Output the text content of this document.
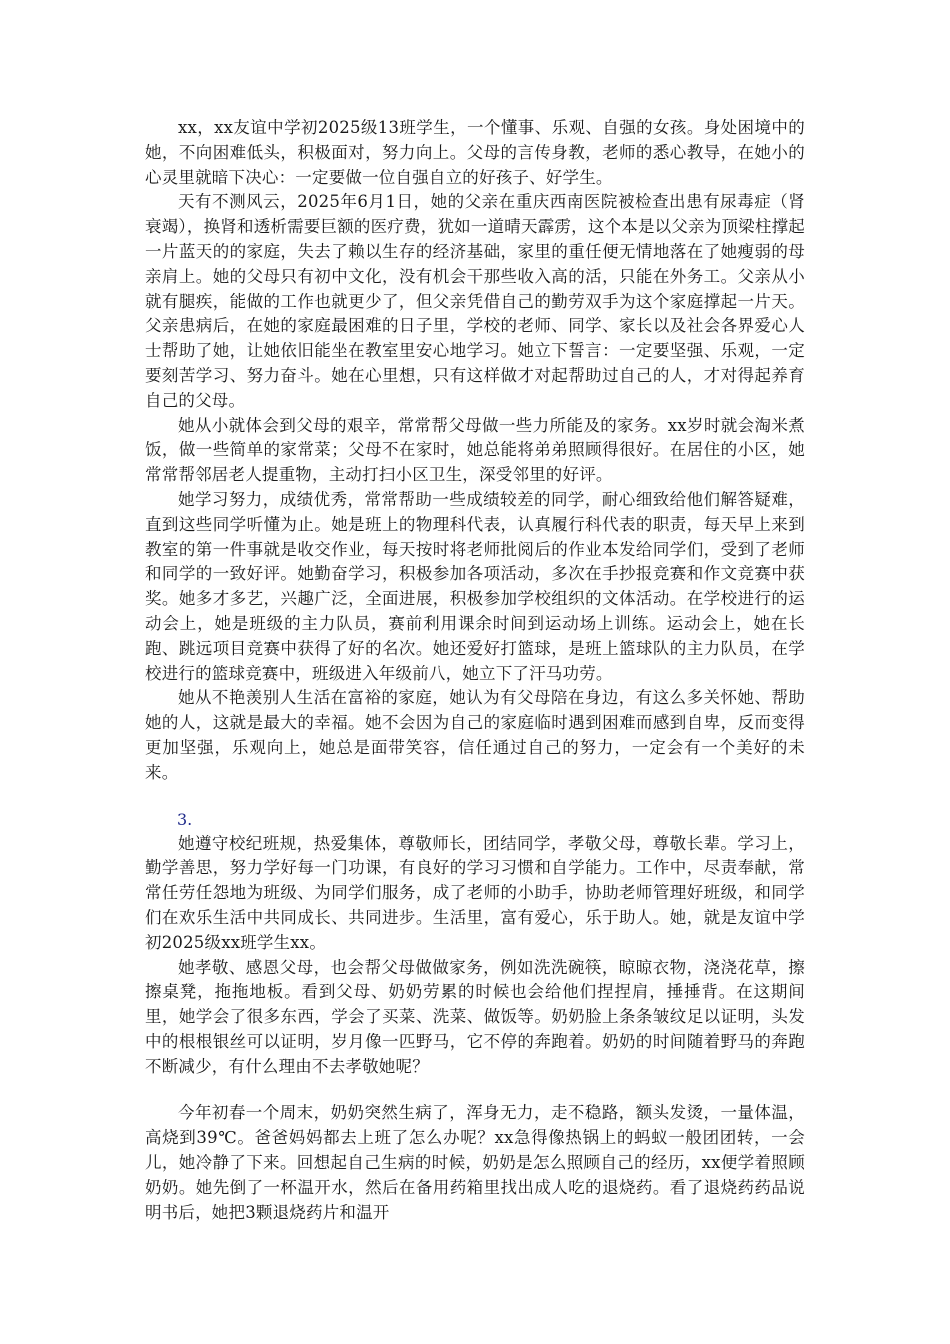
xx，xx友谊中学初2025级13班学生，一个懂事、乐观、自强的女孩。身处困境中的她，不向困难低头，积极面对，努力向上。父母的言传身教，老师的悉心教导，在她小的心灵里就暗下决心：一定要做一位自强自立的好孩子、好学生。

天有不测风云，2025年6月1日，她的父亲在重庆西南医院被检查出患有尿毒症（肾衰竭），换肾和透析需要巨额的医疗费，犹如一道晴天霹雳，这个本是以父亲为顶梁柱撑起一片蓝天的的家庭，失去了赖以生存的经济基础，家里的重任便无情地落在了她瘦弱的母亲肩上。她的父母只有初中文化，没有机会干那些收入高的活，只能在外务工。父亲从小就有腿疾，能做的工作也就更少了，但父亲凭借自己的勤劳双手为这个家庭撑起一片天。父亲患病后，在她的家庭最困难的日子里，学校的老师、同学、家长以及社会各界爱心人士帮助了她，让她依旧能坐在教室里安心地学习。她立下誓言：一定要坚强、乐观，一定要刻苦学习、努力奋斗。她在心里想，只有这样做才对起帮助过自己的人，才对得起养育自己的父母。

她从小就体会到父母的艰辛，常常帮父母做一些力所能及的家务。xx岁时就会淘米煮饭，做一些简单的家常菜；父母不在家时，她总能将弟弟照顾得很好。在居住的小区，她常常帮邻居老人提重物，主动打扫小区卫生，深受邻里的好评。

她学习努力，成绩优秀，常常帮助一些成绩较差的同学，耐心细致给他们解答疑难，直到这些同学听懂为止。她是班上的物理科代表，认真履行科代表的职责，每天早上来到教室的第一件事就是收交作业，每天按时将老师批阅后的作业本发给同学们，受到了老师和同学的一致好评。她勤奋学习，积极参加各项活动，多次在手抄报竞赛和作文竞赛中获奖。她多才多艺，兴趣广泛，全面进展，积极参加学校组织的文体活动。在学校进行的运动会上，她是班级的主力队员，赛前利用课余时间到运动场上训练。运动会上，她在长跑、跳远项目竞赛中获得了好的名次。她还爱好打篮球，是班上篮球队的主力队员，在学校进行的篮球竞赛中，班级进入年级前八，她立下了汗马功劳。

她从不艳羡别人生活在富裕的家庭，她认为有父母陪在身边，有这么多关怀她、帮助她的人，这就是最大的幸福。她不会因为自己的家庭临时遇到困难而感到自卑，反而变得更加坚强，乐观向上，她总是面带笑容，信任通过自己的努力，一定会有一个美好的未来。

3.

她遵守校纪班规，热爱集体，尊敬师长，团结同学，孝敬父母，尊敬长辈。学习上，勤学善思，努力学好每一门功课，有良好的学习习惯和自学能力。工作中，尽责奉献，常常任劳任怨地为班级、为同学们服务，成了老师的小助手，协助老师管理好班级，和同学们在欢乐生活中共同成长、共同进步。生活里，富有爱心，乐于助人。她，就是友谊中学初2025级xx班学生xx。

她孝敬、感恩父母，也会帮父母做做家务，例如洗洗碗筷，晾晾衣物，浇浇花草，擦擦桌凳，拖拖地板。看到父母、奶奶劳累的时候也会给他们捏捏肩，捶捶背。在这期间里，她学会了很多东西，学会了买菜、洗菜、做饭等。奶奶脸上条条皱纹足以证明，头发中的根根银丝可以证明，岁月像一匹野马，它不停的奔跑着。奶奶的时间随着野马的奔跑不断减少，有什么理由不去孝敬她呢？

今年初春一个周末，奶奶突然生病了，浑身无力，走不稳路，额头发烫，一量体温，高烧到39℃。爸爸妈妈都去上班了怎么办呢？xx急得像热锅上的蚂蚁一般团团转，一会儿，她冷静了下来。回想起自己生病的时候，奶奶是怎么照顾自己的经历，xx便学着照顾奶奶。她先倒了一杯温开水，然后在备用药箱里找出成人吃的退烧药。看了退烧药药品说明书后，她把3颗退烧药片和温开
